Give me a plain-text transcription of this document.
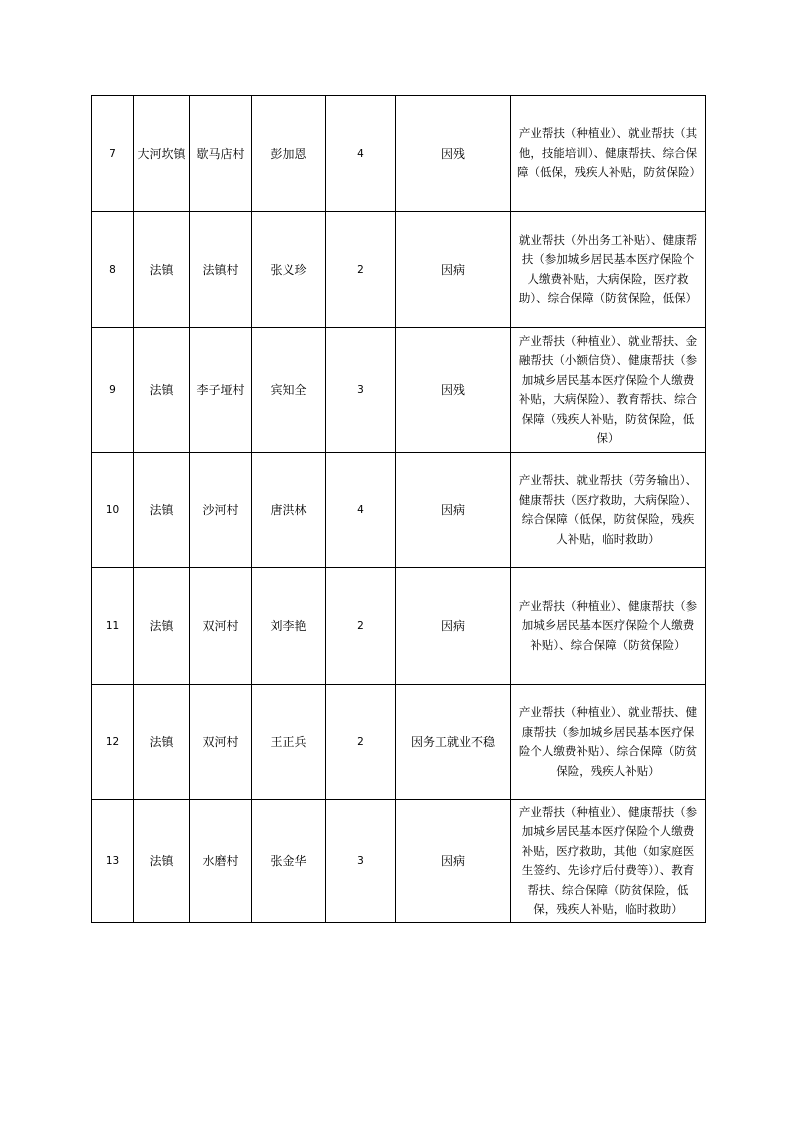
7	大河坎镇	歇马店村	彭加恩	4	因残	产业帮扶（种植业）、就业帮扶（其他，技能培训）、健康帮扶、综合保障（低保，残疾人补贴，防贫保险）
8	法镇	法镇村	张义珍	2	因病	就业帮扶（外出务工补贴）、健康帮扶（参加城乡居民基本医疗保险个人缴费补贴，大病保险，医疗救助）、综合保障（防贫保险，低保）
9	法镇	李子垭村	宾知全	3	因残	产业帮扶（种植业）、就业帮扶、金融帮扶（小额信贷）、健康帮扶（参加城乡居民基本医疗保险个人缴费补贴，大病保险）、教育帮扶、综合保障（残疾人补贴，防贫保险，低保）
10	法镇	沙河村	唐洪林	4	因病	产业帮扶、就业帮扶（劳务输出）、健康帮扶（医疗救助，大病保险）、综合保障（低保，防贫保险，残疾人补贴，临时救助）
11	法镇	双河村	刘李艳	2	因病	产业帮扶（种植业）、健康帮扶（参加城乡居民基本医疗保险个人缴费补贴）、综合保障（防贫保险）
12	法镇	双河村	王正兵	2	因务工就业不稳	产业帮扶（种植业）、就业帮扶、健康帮扶（参加城乡居民基本医疗保险个人缴费补贴）、综合保障（防贫保险，残疾人补贴）
13	法镇	水磨村	张金华	3	因病	产业帮扶（种植业）、健康帮扶（参加城乡居民基本医疗保险个人缴费补贴，医疗救助，其他（如家庭医生签约、先诊疗后付费等））、教育帮扶、综合保障（防贫保险，低保，残疾人补贴，临时救助）
